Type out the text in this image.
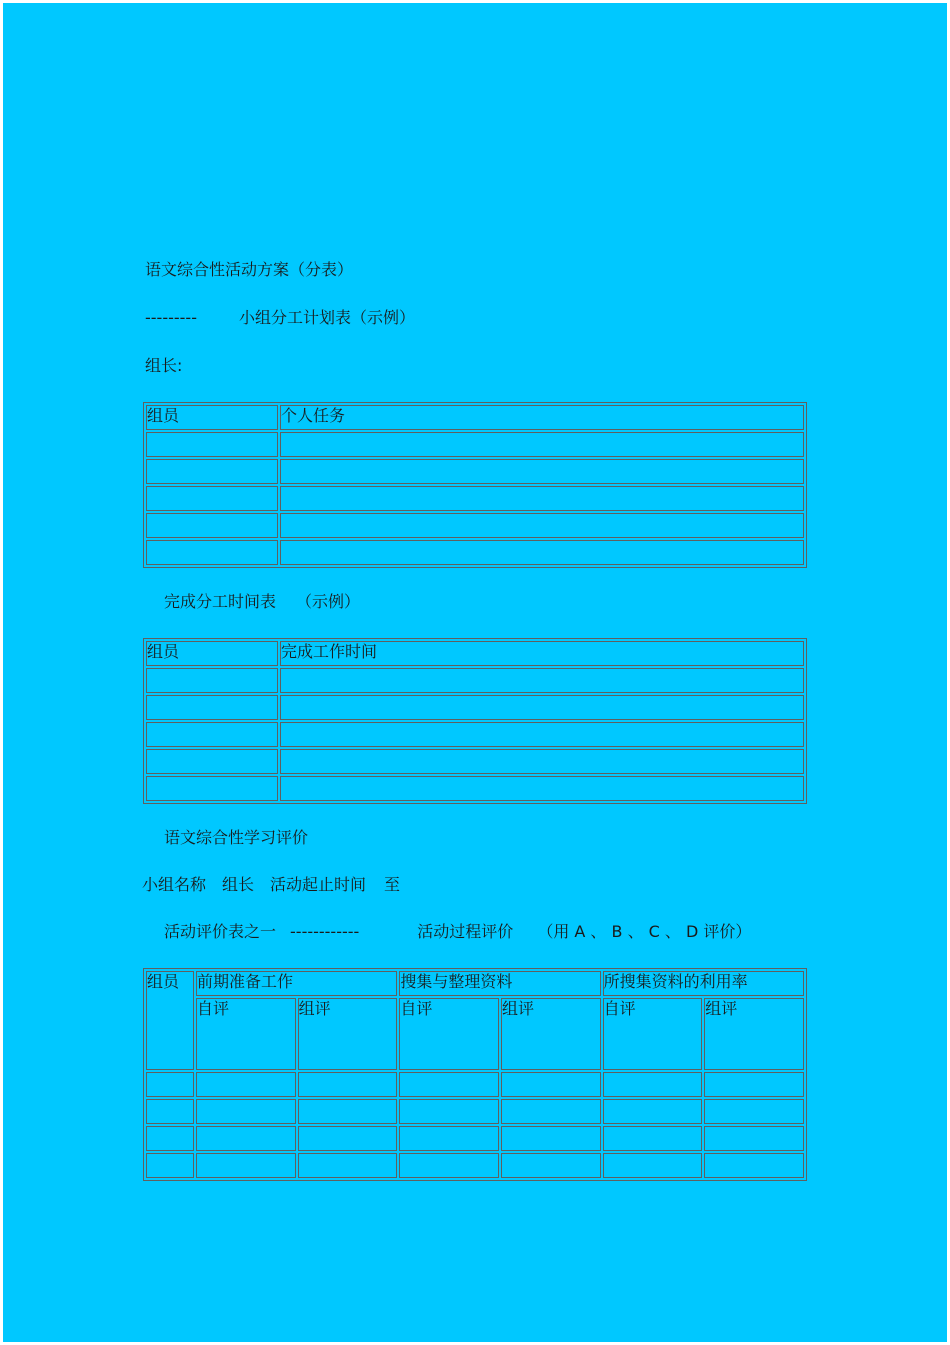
语文综合性活动方案（分表）
---------	小组分工计划表（示例）
组长:
组员	个人任务

完成分工时间表 （示例）
组员	完成工作时间

语文综合性学习评价
小组名称 组长 活动起止时间 至
活动评价表之一 ------------	活动过程评价 （用 A 、 B 、 C 、 D 评价）
组员	前期准备工作		搜集与整理资料		所搜集资料的利用率	
	自评	组评	自评	组评	自评	组评
